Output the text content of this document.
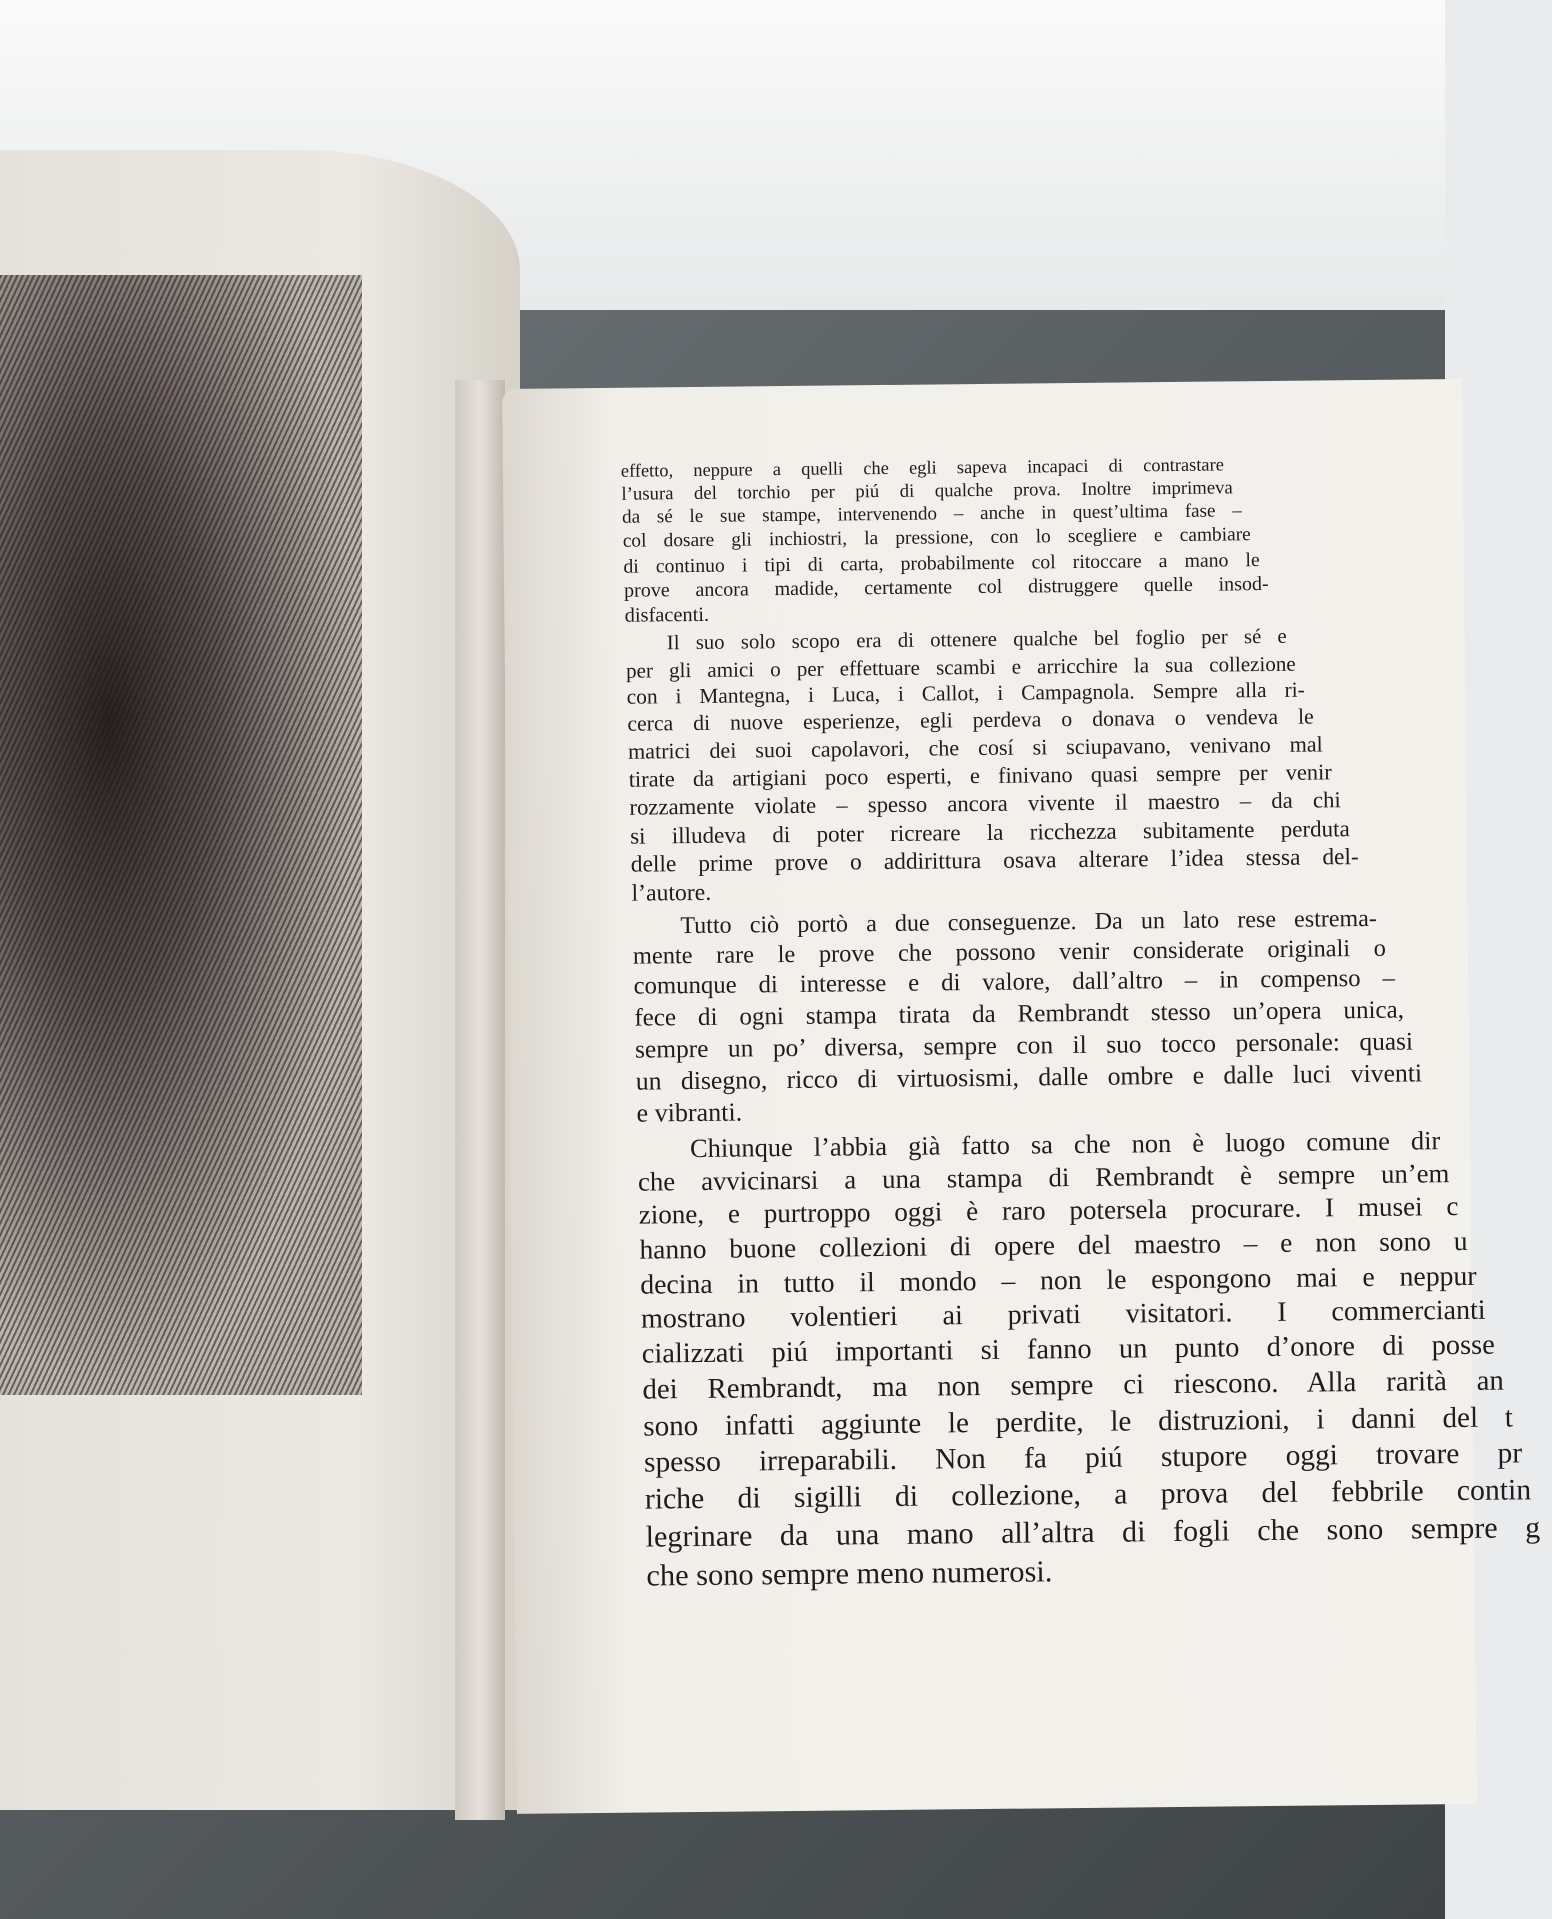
effetto, neppure a quelli che egli sapeva incapaci di contrastare
l’usura del torchio per piú di qualche prova. Inoltre imprimeva
da sé le sue stampe, intervenendo – anche in quest’ultima fase –
col dosare gli inchiostri, la pressione, con lo scegliere e cambiare
di continuo i tipi di carta, probabilmente col ritoccare a mano le
prove ancora madide, certamente col distruggere quelle insod-
disfacenti.
Il suo solo scopo era di ottenere qualche bel foglio per sé e
per gli amici o per effettuare scambi e arricchire la sua collezione
con i Mantegna, i Luca, i Callot, i Campagnola. Sempre alla ri-
cerca di nuove esperienze, egli perdeva o donava o vendeva le
matrici dei suoi capolavori, che cosí si sciupavano, venivano mal
tirate da artigiani poco esperti, e finivano quasi sempre per venir
rozzamente violate – spesso ancora vivente il maestro – da chi
si illudeva di poter ricreare la ricchezza subitamente perduta
delle prime prove o addirittura osava alterare l’idea stessa del-
l’autore.
Tutto ciò portò a due conseguenze. Da un lato rese estrema-
mente rare le prove che possono venir considerate originali o
comunque di interesse e di valore, dall’altro – in compenso –
fece di ogni stampa tirata da Rembrandt stesso un’opera unica,
sempre un po’ diversa, sempre con il suo tocco personale: quasi
un disegno, ricco di virtuosismi, dalle ombre e dalle luci viventi
e vibranti.
Chiunque l’abbia già fatto sa che non è luogo comune dir
che avvicinarsi a una stampa di Rembrandt è sempre un’em
zione, e purtroppo oggi è raro potersela procurare. I musei c
hanno buone collezioni di opere del maestro – e non sono u
decina in tutto il mondo – non le espongono mai e neppur
mostrano volentieri ai privati visitatori. I commercianti
cializzati piú importanti si fanno un punto d’onore di posse
dei Rembrandt, ma non sempre ci riescono. Alla rarità an
sono infatti aggiunte le perdite, le distruzioni, i danni del t
spesso irreparabili. Non fa piú stupore oggi trovare pr
riche di sigilli di collezione, a prova del febbrile contin
legrinare da una mano all’altra di fogli che sono sempre g
che sono sempre meno numerosi.
